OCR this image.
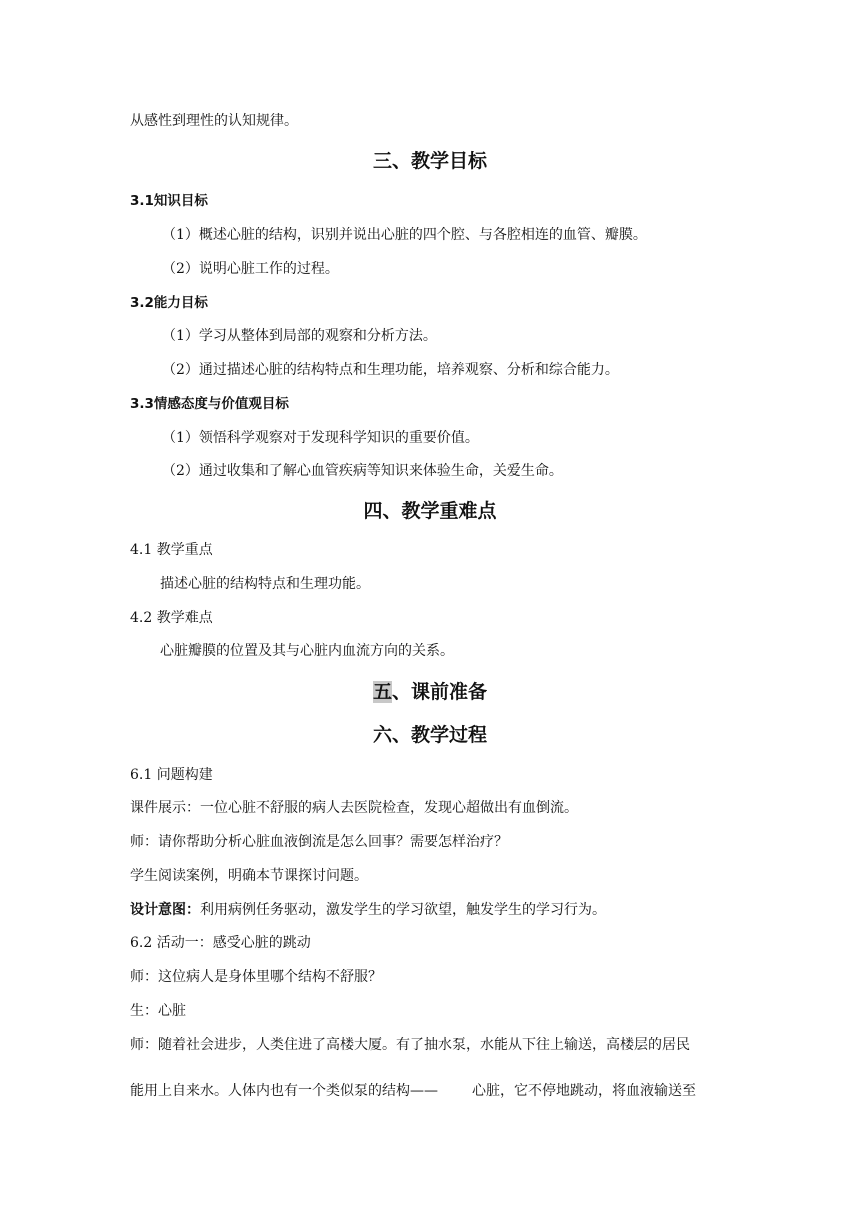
从感性到理性的认知规律。
三、教学目标
3.1知识目标
（1）概述心脏的结构，识别并说出心脏的四个腔、与各腔相连的血管、瓣膜。
（2）说明心脏工作的过程。
3.2能力目标
（1）学习从整体到局部的观察和分析方法。
（2）通过描述心脏的结构特点和生理功能，培养观察、分析和综合能力。
3.3情感态度与价值观目标
（1）领悟科学观察对于发现科学知识的重要价值。
（2）通过收集和了解心血管疾病等知识来体验生命，关爱生命。
四、教学重难点
4.1 教学重点
描述心脏的结构特点和生理功能。
4.2 教学难点
心脏瓣膜的位置及其与心脏内血流方向的关系。
五、课前准备
六、教学过程
6.1 问题构建
课件展示：一位心脏不舒服的病人去医院检查，发现心超做出有血倒流。
师：请你帮助分析心脏血液倒流是怎么回事？需要怎样治疗？
学生阅读案例，明确本节课探讨问题。
设计意图：利用病例任务驱动，激发学生的学习欲望，触发学生的学习行为。
6.2 活动一：感受心脏的跳动
师：这位病人是身体里哪个结构不舒服？
生：心脏
师：随着社会进步，人类住进了高楼大厦。有了抽水泵，水能从下往上输送，高楼层的居民
能用上自来水。人体内也有一个类似泵的结构—— 心脏，它不停地跳动，将血液输送至
